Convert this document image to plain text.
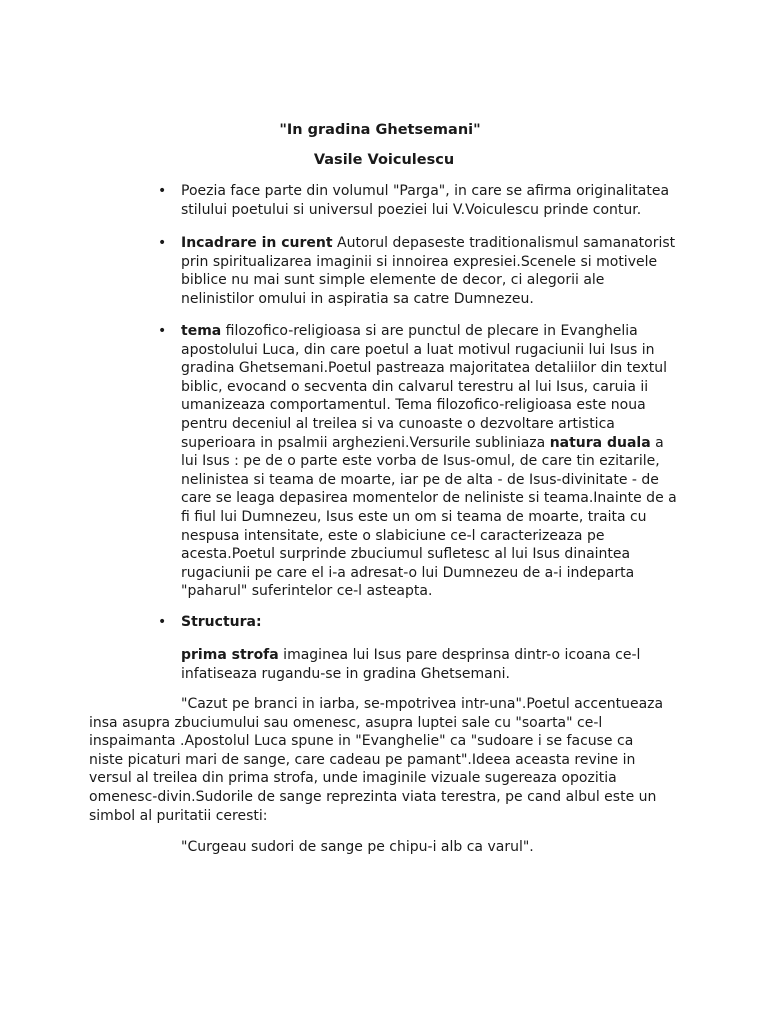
"In gradina Ghetsemani"
Vasile Voiculescu
• Poezia face parte din volumul "Parga", in care se afirma originalitatea stilului poetului si universul poeziei lui V.Voiculescu prinde contur.
• Incadrare in curent Autorul depaseste traditionalismul samanatorist prin spiritualizarea imaginii si innoirea expresiei.Scenele si motivele biblice nu mai sunt simple elemente de decor, ci alegorii ale nelinistilor omului in aspiratia sa catre Dumnezeu.
• tema filozofico-religioasa si are punctul de plecare in Evanghelia apostolului Luca, din care poetul a luat motivul rugaciunii lui Isus in gradina Ghetsemani.Poetul pastreaza majoritatea detaliilor din textul biblic, evocand o secventa din calvarul terestru al lui Isus, caruia ii umanizeaza comportamentul. Tema filozofico-religioasa este noua pentru deceniul al treilea si va cunoaste o dezvoltare artistica superioara in psalmii arghezieni.Versurile subliniaza natura duala a lui Isus : pe de o parte este vorba de Isus-omul, de care tin ezitarile, nelinistea si teama de moarte, iar pe de alta - de Isus-divinitate - de care se leaga depasirea momentelor de neliniste si teama.Inainte de a fi fiul lui Dumnezeu, Isus este un om si teama de moarte, traita cu nespusa intensitate, este o slabiciune ce-l caracterizeaza pe acesta.Poetul surprinde zbuciumul sufletesc al lui Isus dinaintea rugaciunii pe care el i-a adresat-o lui Dumnezeu de a-i indeparta "paharul" suferintelor ce-l asteapta.
• Structura:

prima strofa imaginea lui Isus pare desprinsa dintr-o icoana ce-l infatiseaza rugandu-se in gradina Ghetsemani.

"Cazut pe branci in iarba, se-mpotrivea intr-una".Poetul accentueaza insa asupra zbuciumului sau omenesc, asupra luptei sale cu "soarta" ce-l inspaimanta .Apostolul Luca spune in "Evanghelie" ca "sudoare i se facuse ca niste picaturi mari de sange, care cadeau pe pamant".Ideea aceasta revine in versul al treilea din prima strofa, unde imaginile vizuale sugereaza opozitia omenesc-divin.Sudorile de sange reprezinta viata terestra, pe cand albul este un simbol al puritatii ceresti:

"Curgeau sudori de sange pe chipu-i alb ca varul".
